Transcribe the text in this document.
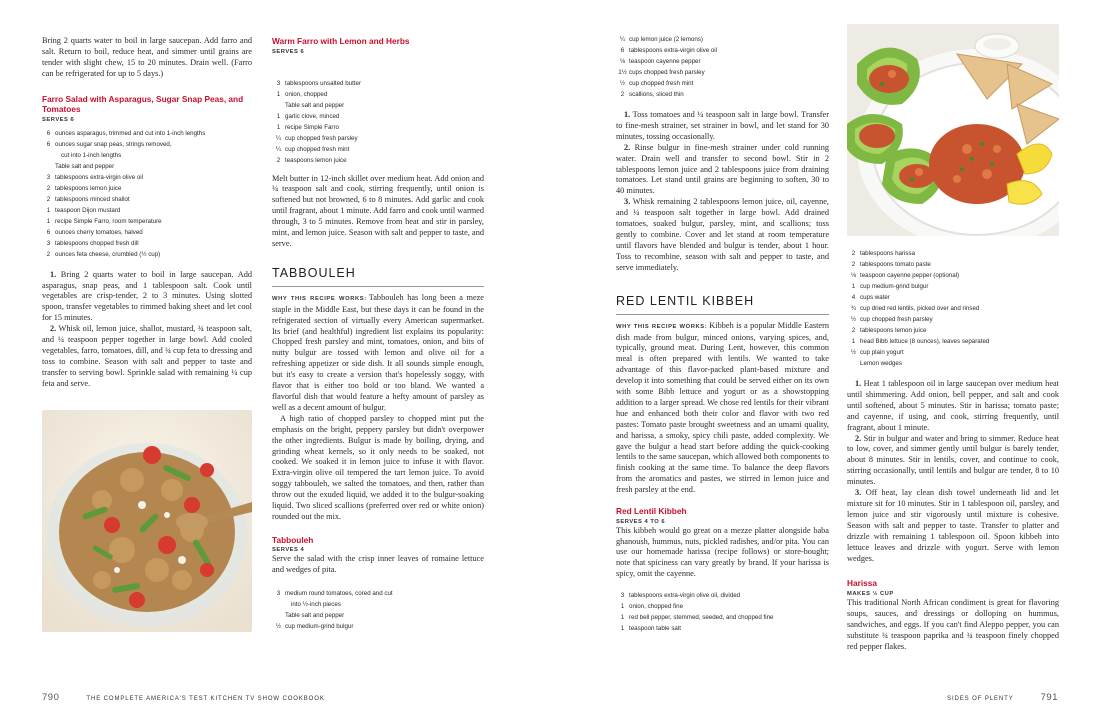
Bring 2 quarts water to boil in large saucepan. Add farro and salt. Return to boil, reduce heat, and simmer until grains are tender with slight chew, 15 to 20 minutes. Drain well. (Farro can be refrigerated for up to 5 days.)

Farro Salad with Asparagus, Sugar Snap Peas, and Tomatoes
SERVES 6
6 ounces asparagus, trimmed and cut into 1-inch lengths
6 ounces sugar snap peas, strings removed,
cut into 1-inch lengths
Table salt and pepper
3 tablespoons extra-virgin olive oil
2 tablespoons lemon juice
2 tablespoons minced shallot
1 teaspoon Dijon mustard
1 recipe Simple Farro, room temperature
6 ounces cherry tomatoes, halved
3 tablespoons chopped fresh dill
2 ounces feta cheese, crumbled (½ cup)

1. Bring 2 quarts water to boil in large saucepan. Add asparagus, snap peas, and 1 tablespoon salt. Cook until vegetables are crisp-tender, 2 to 3 minutes. Using slotted spoon, transfer vegetables to rimmed baking sheet and let cool for 15 minutes.

2. Whisk oil, lemon juice, shallot, mustard, ¾ teaspoon salt, and ¼ teaspoon pepper together in large bowl. Add cooled vegetables, farro, tomatoes, dill, and ¾ cup feta to dressing and toss to combine. Season with salt and pepper to taste and transfer to serving bowl. Sprinkle salad with remaining ¼ cup feta and serve.

Warm Farro with Lemon and Herbs
SERVES 6
3 tablespoons unsalted butter
1 onion, chopped
Table salt and pepper
1 garlic clove, minced
1 recipe Simple Farro
¼ cup chopped fresh parsley
¼ cup chopped fresh mint
2 teaspoons lemon juice

Melt butter in 12-inch skillet over medium heat. Add onion and ¼ teaspoon salt and cook, stirring frequently, until onion is softened but not browned, 6 to 8 minutes. Add garlic and cook until fragrant, about 1 minute. Add farro and cook until warmed through, 3 to 5 minutes. Remove from heat and stir in parsley, mint, and lemon juice. Season with salt and pepper to taste, and serve.

TABBOULEH

WHY THIS RECIPE WORKS: Tabbouleh has long been a meze staple in the Middle East, but these days it can be found in the refrigerated section of virtually every American supermarket. Its brief (and healthful) ingredient list explains its popularity: Chopped fresh parsley and mint, tomatoes, onion, and bits of nutty bulgur are tossed with lemon and olive oil for a refreshing appetizer or side dish. It all sounds simple enough, but it's easy to create a version that's hopelessly soggy, with flavor that is either too bold or too bland. We wanted a flavorful dish that would feature a hefty amount of parsley as well as a decent amount of bulgur.

A high ratio of chopped parsley to chopped mint put the emphasis on the bright, peppery parsley but didn't overpower the other ingredients. Bulgur is made by boiling, drying, and grinding wheat kernels, so it only needs to be soaked, not cooked. We soaked it in lemon juice to infuse it with flavor. Extra-virgin olive oil tempered the tart lemon juice. To avoid soggy tabbouleh, we salted the tomatoes, and then, rather than throw out the exuded liquid, we added it to the bulgur-soaking liquid. Two sliced scallions (preferred over red or white onion) rounded out the mix.

Tabbouleh
SERVES 4

Serve the salad with the crisp inner leaves of romaine lettuce and wedges of pita.

3 medium round tomatoes, cored and cut
into ½-inch pieces
Table salt and pepper
½ cup medium-grind bulgur
¼ cup lemon juice (2 lemons)
6 tablespoons extra-virgin olive oil
⅛ teaspoon cayenne pepper
1½ cups chopped fresh parsley
½ cup chopped fresh mint
2 scallions, sliced thin

1. Toss tomatoes and ¼ teaspoon salt in large bowl. Transfer to fine-mesh strainer, set strainer in bowl, and let stand for 30 minutes, tossing occasionally.

2. Rinse bulgur in fine-mesh strainer under cold running water. Drain well and transfer to second bowl. Stir in 2 tablespoons lemon juice and 2 tablespoons juice from draining tomatoes. Let stand until grains are beginning to soften, 30 to 40 minutes.

3. Whisk remaining 2 tablespoons lemon juice, oil, cayenne, and ¼ teaspoon salt together in large bowl. Add drained tomatoes, soaked bulgur, parsley, mint, and scallions; toss gently to combine. Cover and let stand at room temperature until flavors have blended and bulgur is tender, about 1 hour. Toss to recombine, season with salt and pepper to taste, and serve immediately.

RED LENTIL KIBBEH

WHY THIS RECIPE WORKS: Kibbeh is a popular Middle Eastern dish made from bulgur, minced onions, varying spices, and, typically, ground meat. During Lent, however, this common meal is often prepared with lentils. We wanted to take advantage of this flavor-packed plant-based mixture and develop it into something that could be served either on its own with some Bibb lettuce and yogurt or as a showstopping addition to a larger spread. We chose red lentils for their vibrant hue and enhanced both their color and flavor with two red pastes: Tomato paste brought sweetness and an umami quality, and harissa, a smoky, spicy chili paste, added complexity. We gave the bulgur a head start before adding the quick-cooking lentils to the same saucepan, which allowed both components to finish cooking at the same time. To balance the deep flavors from the aromatics and pastes, we stirred in lemon juice and fresh parsley at the end.

Red Lentil Kibbeh
SERVES 4 TO 6

This kibbeh would go great on a mezze platter alongside baba ghanoush, hummus, nuts, pickled radishes, and/or pita. You can use our homemade harissa (recipe follows) or store-bought; note that spiciness can vary greatly by brand. If your harissa is spicy, omit the cayenne.

3 tablespoons extra-virgin olive oil, divided
1 onion, chopped fine
1 red bell pepper, stemmed, seeded, and chopped fine
1 teaspoon table salt
2 tablespoons harissa
2 tablespoons tomato paste
⅛ teaspoon cayenne pepper (optional)
1 cup medium-grind bulgur
4 cups water
¾ cup dried red lentils, picked over and rinsed
½ cup chopped fresh parsley
2 tablespoons lemon juice
1 head Bibb lettuce (8 ounces), leaves separated
½ cup plain yogurt
Lemon wedges

1. Heat 1 tablespoon oil in large saucepan over medium heat until shimmering. Add onion, bell pepper, and salt and cook until softened, about 5 minutes. Stir in harissa; tomato paste; and cayenne, if using, and cook, stirring frequently, until fragrant, about 1 minute.

2. Stir in bulgur and water and bring to simmer. Reduce heat to low, cover, and simmer gently until bulgur is barely tender, about 8 minutes. Stir in lentils, cover, and continue to cook, stirring occasionally, until lentils and bulgur are tender, 8 to 10 minutes.

3. Off heat, lay clean dish towel underneath lid and let mixture sit for 10 minutes. Stir in 1 tablespoon oil, parsley, and lemon juice and stir vigorously until mixture is cohesive. Season with salt and pepper to taste. Transfer to platter and drizzle with remaining 1 tablespoon oil. Spoon kibbeh into lettuce leaves and drizzle with yogurt. Serve with lemon wedges.

Harissa
MAKES ½ CUP

This traditional North African condiment is great for flavoring soups, sauces, and dressings or dolloping on hummus, sandwiches, and eggs. If you can't find Aleppo pepper, you can substitute ¾ teaspoon paprika and ¾ teaspoon finely chopped red pepper flakes.

790	THE COMPLETE AMERICA'S TEST KITCHEN TV SHOW COOKBOOK	SIDES OF PLENTY	791
